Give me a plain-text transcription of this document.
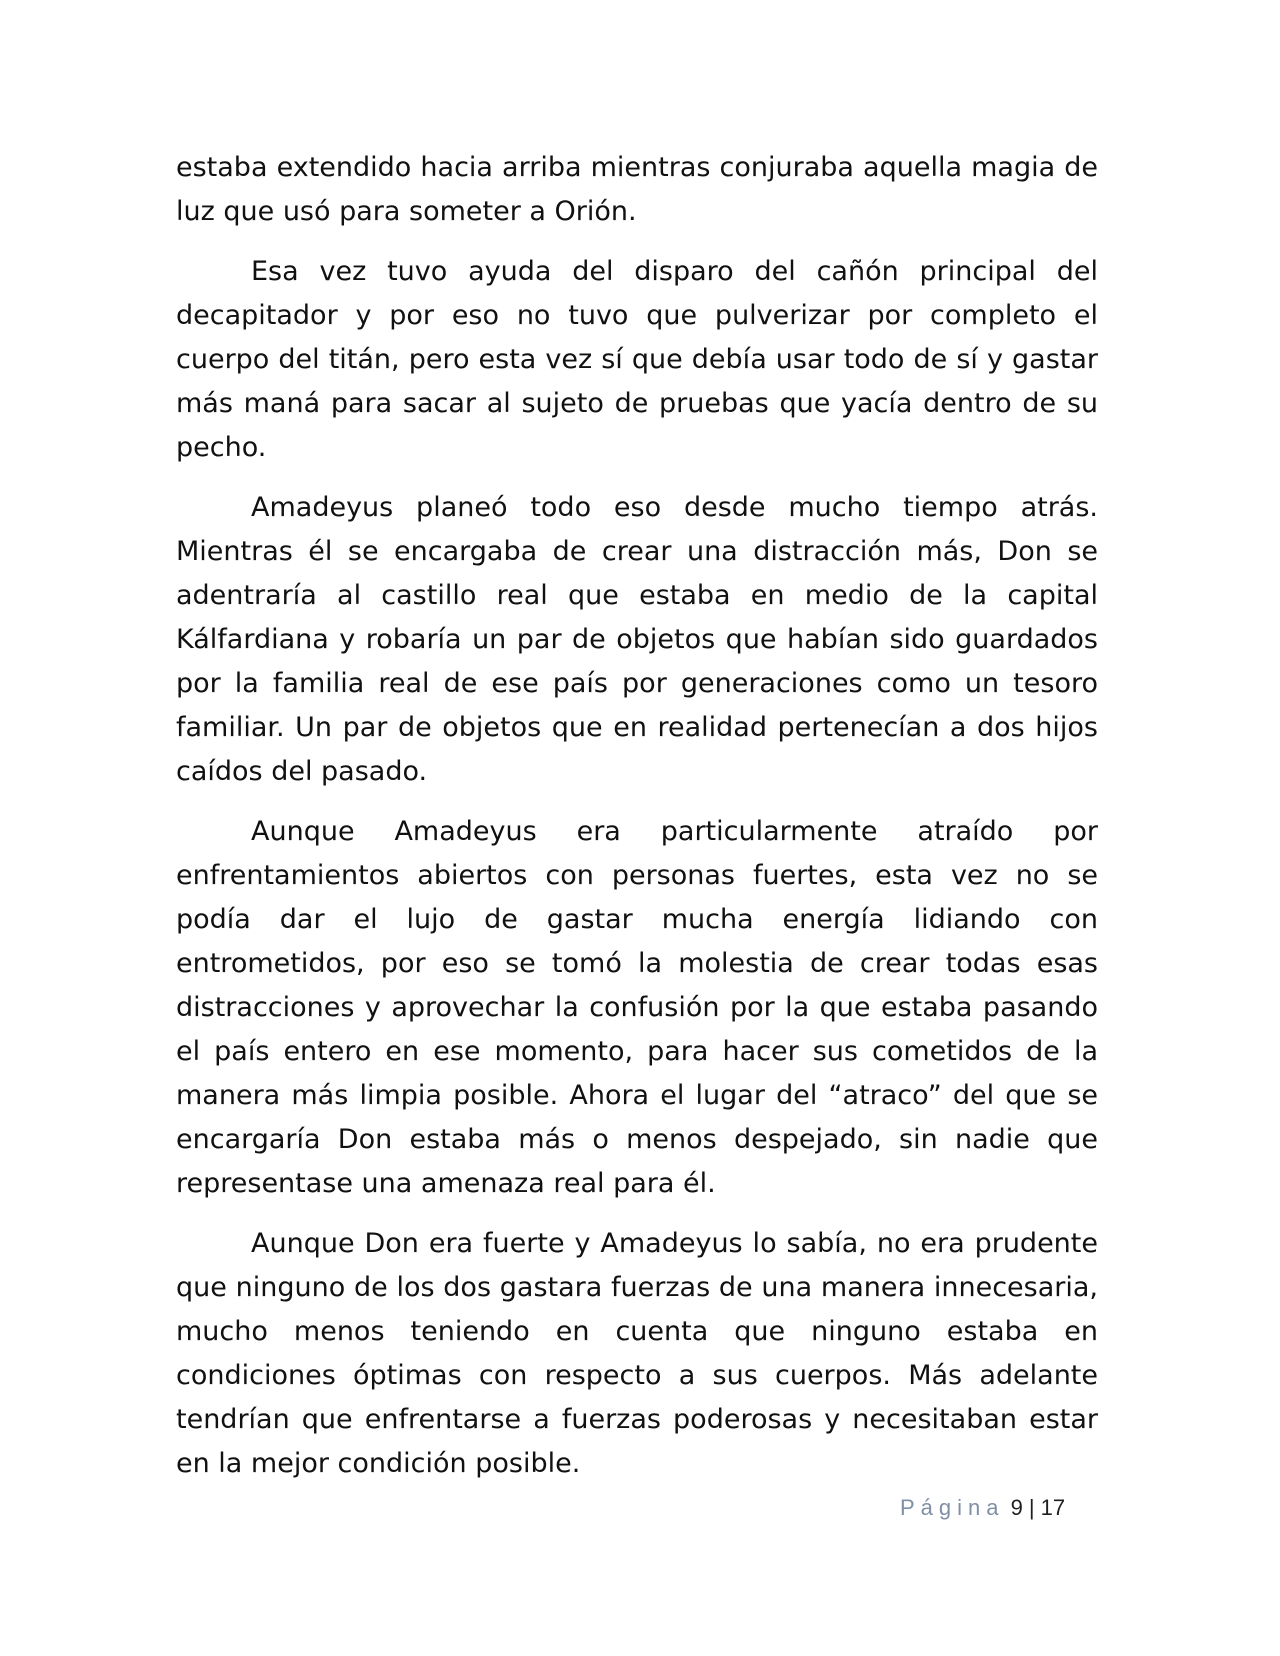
estaba extendido hacia arriba mientras conjuraba aquella magia de luz que usó para someter a Orión.

Esa vez tuvo ayuda del disparo del cañón principal del decapitador y por eso no tuvo que pulverizar por completo el cuerpo del titán, pero esta vez sí que debía usar todo de sí y gastar más maná para sacar al sujeto de pruebas que yacía dentro de su pecho.

Amadeyus planeó todo eso desde mucho tiempo atrás. Mientras él se encargaba de crear una distracción más, Don se adentraría al castillo real que estaba en medio de la capital Kálfardiana y robaría un par de objetos que habían sido guardados por la familia real de ese país por generaciones como un tesoro familiar. Un par de objetos que en realidad pertenecían a dos hijos caídos del pasado.

Aunque Amadeyus era particularmente atraído por enfrentamientos abiertos con personas fuertes, esta vez no se podía dar el lujo de gastar mucha energía lidiando con entrometidos, por eso se tomó la molestia de crear todas esas distracciones y aprovechar la confusión por la que estaba pasando el país entero en ese momento, para hacer sus cometidos de la manera más limpia posible. Ahora el lugar del “atraco” del que se encargaría Don estaba más o menos despejado, sin nadie que representase una amenaza real para él.

Aunque Don era fuerte y Amadeyus lo sabía, no era prudente que ninguno de los dos gastara fuerzas de una manera innecesaria, mucho menos teniendo en cuenta que ninguno estaba en condiciones óptimas con respecto a sus cuerpos. Más adelante tendrían que enfrentarse a fuerzas poderosas y necesitaban estar en la mejor condición posible.

Página 9 | 17
